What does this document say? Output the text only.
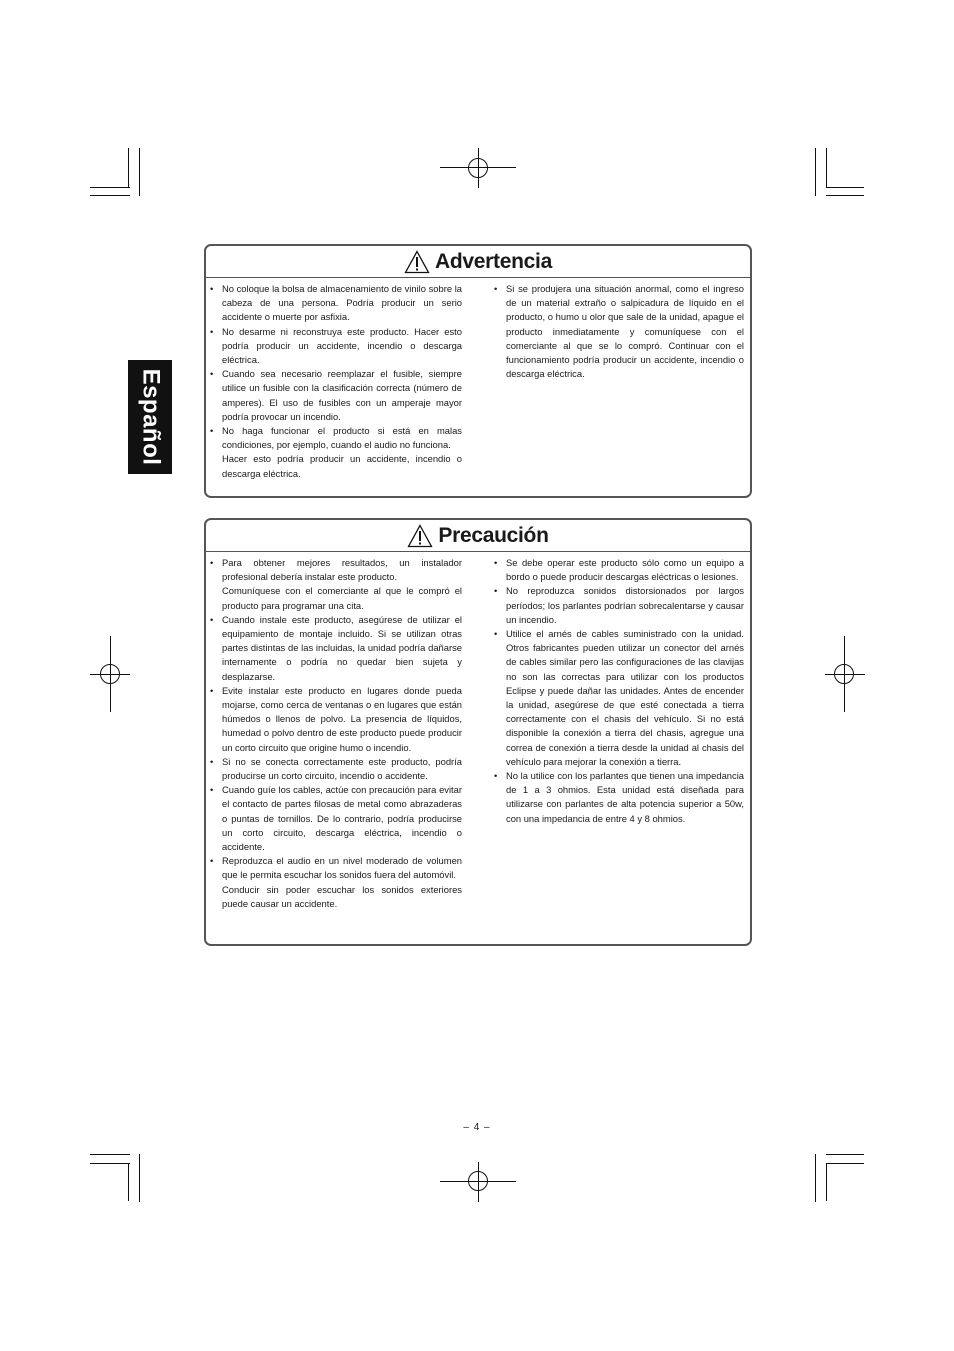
Español
Advertencia
• No coloque la bolsa de almacenamiento de vinilo sobre la cabeza de una persona. Podría producir un serio accidente o muerte por asfixia.
• No desarme ni reconstruya este producto. Hacer esto podría producir un accidente, incendio o descarga eléctrica.
• Cuando sea necesario reemplazar el fusible, siempre utilice un fusible con la clasificación correcta (número de amperes). El uso de fusibles con un amperaje mayor podría provocar un incendio.
• No haga funcionar el producto si está en malas condiciones, por ejemplo, cuando el audio no funciona.
Hacer esto podría producir un accidente, incendio o descarga eléctrica.
• Si se produjera una situación anormal, como el ingreso de un material extraño o salpicadura de líquido en el producto, o humo u olor que sale de la unidad, apague el producto inmediatamente y comuníquese con el comerciante al que se lo compró. Continuar con el funcionamiento podría producir un accidente, incendio o descarga eléctrica.
Precaución
• Para obtener mejores resultados, un instalador profesional debería instalar este producto.
Comuníquese con el comerciante al que le compró el producto para programar una cita.
• Cuando instale este producto, asegúrese de utilizar el equipamiento de montaje incluido. Si se utilizan otras partes distintas de las incluidas, la unidad podría dañarse internamente o podría no quedar bien sujeta y desplazarse.
• Evite instalar este producto en lugares donde pueda mojarse, como cerca de ventanas o en lugares que están húmedos o llenos de polvo. La presencia de líquidos, humedad o polvo dentro de este producto puede producir un corto circuito que origine humo o incendio.
• Si no se conecta correctamente este producto, podría producirse un corto circuito, incendio o accidente.
• Cuando guíe los cables, actúe con precaución para evitar el contacto de partes filosas de metal como abrazaderas o puntas de tornillos. De lo contrario, podría producirse un corto circuito, descarga eléctrica, incendio o accidente.
• Reproduzca el audio en un nivel moderado de volumen que le permita escuchar los sonidos fuera del automóvil.
Conducir sin poder escuchar los sonidos exteriores puede causar un accidente.
• Se debe operar este producto sólo como un equipo a bordo o puede producir descargas eléctricas o lesiones.
• No reproduzca sonidos distorsionados por largos períodos; los parlantes podrían sobrecalentarse y causar un incendio.
• Utilice el arnés de cables suministrado con la unidad. Otros fabricantes pueden utilizar un conector del arnés de cables similar pero las configuraciones de las clavijas no son las correctas para utilizar con los productos Eclipse y puede dañar las unidades. Antes de encender la unidad, asegúrese de que esté conectada a tierra correctamente con el chasis del vehículo. Si no está disponible la conexión a tierra del chasis, agregue una correa de conexión a tierra desde la unidad al chasis del vehículo para mejorar la conexión a tierra.
• No la utilice con los parlantes que tienen una impedancia de 1 a 3 ohmios. Esta unidad está diseñada para utilizarse con parlantes de alta potencia superior a 50w, con una impedancia de entre 4 y 8 ohmios.
– 4 –
